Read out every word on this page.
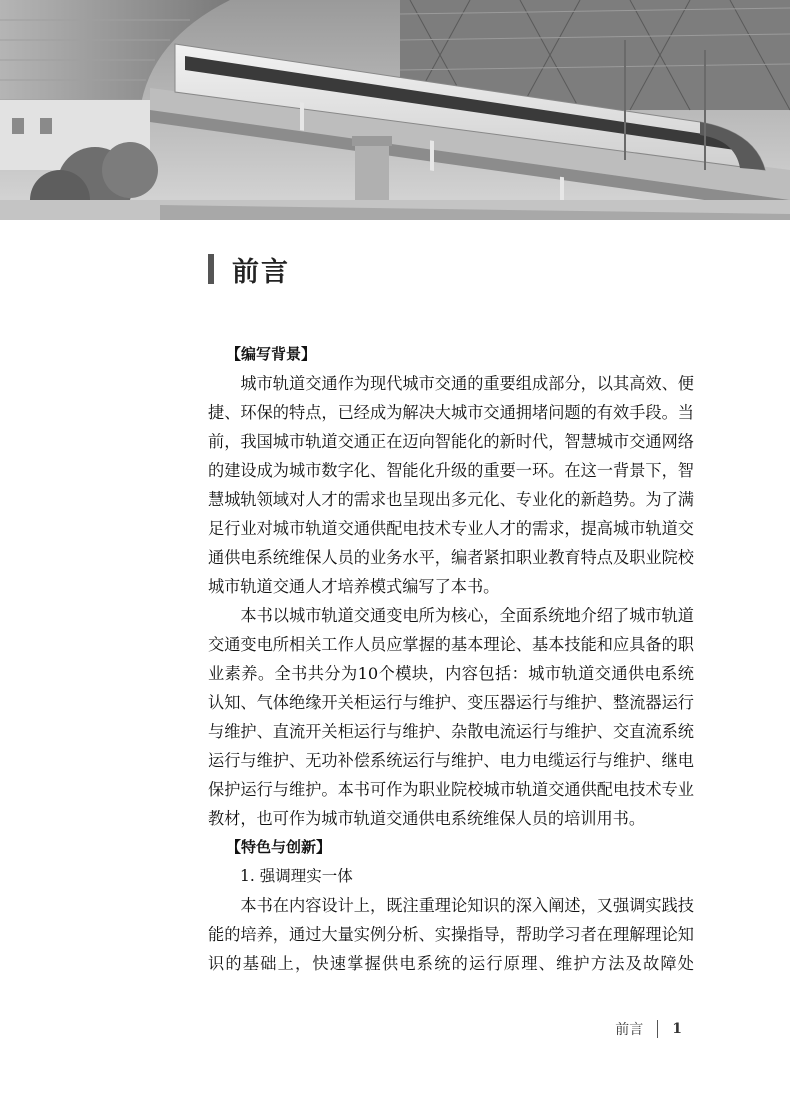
前言
【编写背景】

城市轨道交通作为现代城市交通的重要组成部分，以其高效、便捷、环保的特点，已经成为解决大城市交通拥堵问题的有效手段。当前，我国城市轨道交通正在迈向智能化的新时代，智慧城市交通网络的建设成为城市数字化、智能化升级的重要一环。在这一背景下，智慧城轨领域对人才的需求也呈现出多元化、专业化的新趋势。为了满足行业对城市轨道交通供配电技术专业人才的需求，提高城市轨道交通供电系统维保人员的业务水平，编者紧扣职业教育特点及职业院校城市轨道交通人才培养模式编写了本书。

本书以城市轨道交通变电所为核心，全面系统地介绍了城市轨道交通变电所相关工作人员应掌握的基本理论、基本技能和应具备的职业素养。全书共分为10个模块，内容包括：城市轨道交通供电系统认知、气体绝缘开关柜运行与维护、变压器运行与维护、整流器运行与维护、直流开关柜运行与维护、杂散电流运行与维护、交直流系统运行与维护、无功补偿系统运行与维护、电力电缆运行与维护、继电保护运行与维护。本书可作为职业院校城市轨道交通供配电技术专业教材，也可作为城市轨道交通供电系统维保人员的培训用书。

【特色与创新】
1. 强调理实一体

本书在内容设计上，既注重理论知识的深入阐述，又强调实践技能的培养，通过大量实例分析、实操指导，帮助学习者在理解理论知识的基础上，快速掌握供电系统的运行原理、维护方法及故障处

前言 1
